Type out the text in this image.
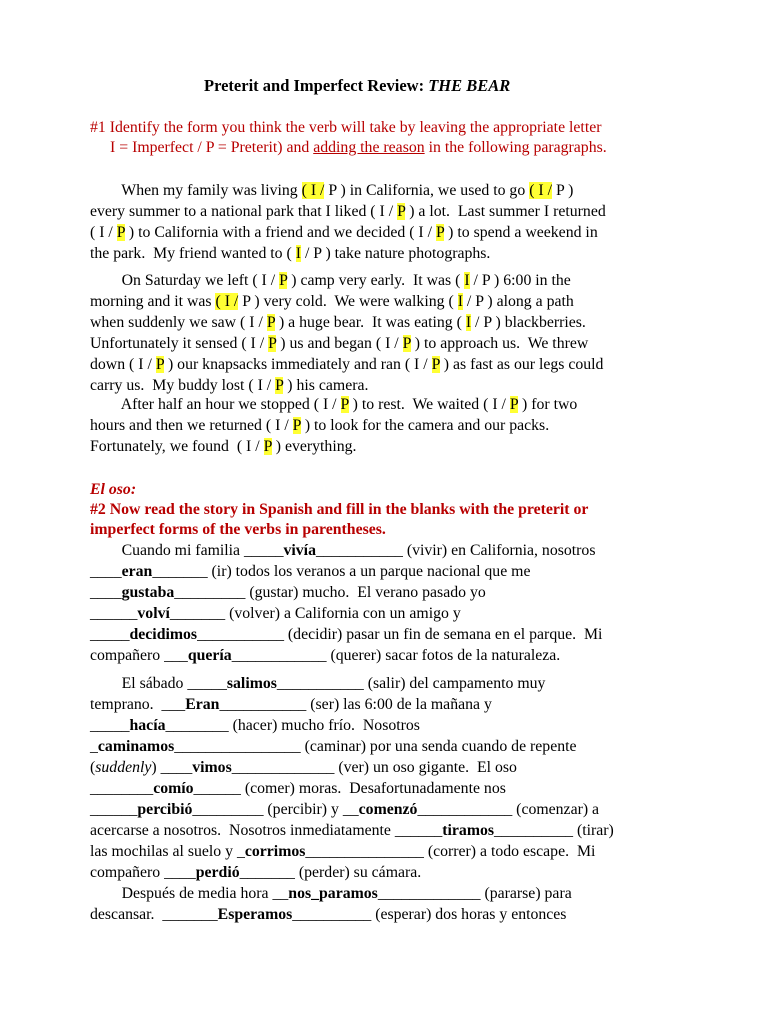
Preterit and Imperfect Review: THE BEAR
#1 Identify the form you think the verb will take by leaving the appropriate letter
I = Imperfect / P = Preterit) and adding the reason in the following paragraphs.
When my family was living ( I / P ) in California, we used to go ( I / P )
every summer to a national park that I liked ( I / P ) a lot.  Last summer I returned
( I / P ) to California with a friend and we decided ( I / P ) to spend a weekend in
the park.  My friend wanted to ( I / P ) take nature photographs.
On Saturday we left ( I / P ) camp very early.  It was ( I / P ) 6:00 in the
morning and it was ( I / P ) very cold.  We were walking ( I / P ) along a path
when suddenly we saw ( I / P ) a huge bear.  It was eating ( I / P ) blackberries.
Unfortunately it sensed ( I / P ) us and began ( I / P ) to approach us.  We threw
down ( I / P ) our knapsacks immediately and ran ( I / P ) as fast as our legs could
carry us.  My buddy lost ( I / P ) his camera.
After half an hour we stopped ( I / P ) to rest.  We waited ( I / P ) for two
hours and then we returned ( I / P ) to look for the camera and our packs.
Fortunately, we found  ( I / P ) everything.
El oso:
#2 Now read the story in Spanish and fill in the blanks with the preterit or
imperfect forms of the verbs in parentheses.
Cuando mi familia _____vivía___________ (vivir) en California, nosotros
____eran_______ (ir) todos los veranos a un parque nacional que me
____gustaba_________ (gustar) mucho.  El verano pasado yo
______volví_______ (volver) a California con un amigo y
_____decidimos___________ (decidir) pasar un fin de semana en el parque.  Mi
compañero ___quería____________ (querer) sacar fotos de la naturaleza.
El sábado _____salimos___________ (salir) del campamento muy
temprano.  ___Eran___________ (ser) las 6:00 de la mañana y
_____hacía________ (hacer) mucho frío.  Nosotros
_caminamos________________ (caminar) por una senda cuando de repente
(suddenly) ____vimos_____________ (ver) un oso gigante.  El oso
________comío______ (comer) moras.  Desafortunadamente nos
______percibió_________ (percibir) y __comenzó____________ (comenzar) a
acercarse a nosotros.  Nosotros inmediatamente ______tiramos__________ (tirar)
las mochilas al suelo y _corrimos_______________ (correr) a todo escape.  Mi
compañero ____perdió_______ (perder) su cámara.
Después de media hora __nos_paramos_____________ (pararse) para
descansar.  _______Esperamos__________ (esperar) dos horas y entonces
